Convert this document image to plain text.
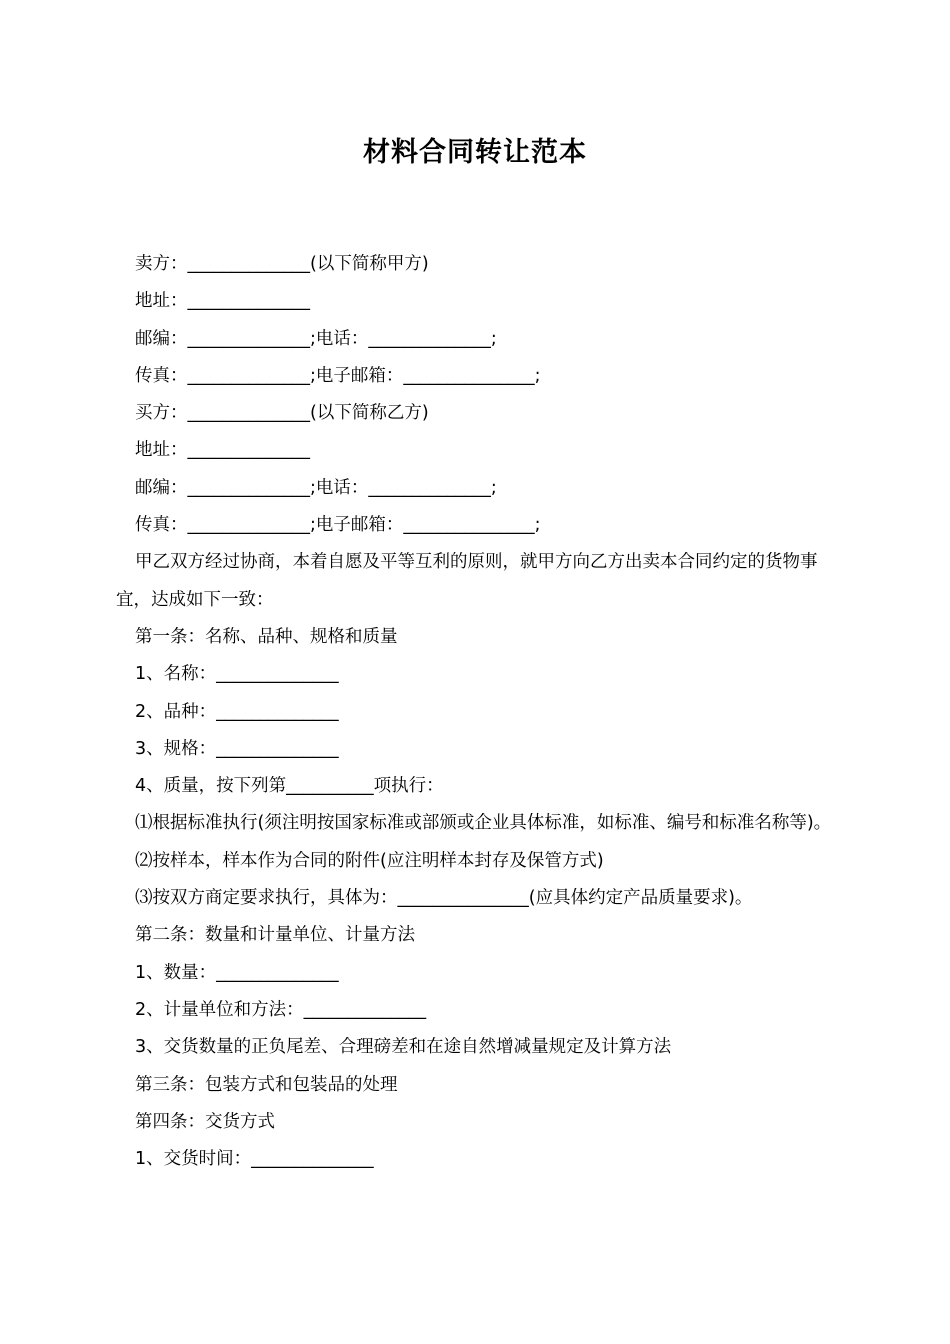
材料合同转让范本
卖方：______________(以下简称甲方)
地址：______________
邮编：______________;电话：______________;
传真：______________;电子邮箱：_______________;
买方：______________(以下简称乙方)
地址：______________
邮编：______________;电话：______________;
传真：______________;电子邮箱：_______________;
甲乙双方经过协商，本着自愿及平等互利的原则，就甲方向乙方出卖本合同约定的货物事宜，达成如下一致：
第一条：名称、品种、规格和质量
1、名称：______________
2、品种：______________
3、规格：______________
4、质量，按下列第__________项执行：
⑴根据标准执行(须注明按国家标准或部颁或企业具体标准，如标准、编号和标准名称等)。
⑵按样本，样本作为合同的附件(应注明样本封存及保管方式)
⑶按双方商定要求执行，具体为：_______________(应具体约定产品质量要求)。
第二条：数量和计量单位、计量方法
1、数量：______________
2、计量单位和方法：______________
3、交货数量的正负尾差、合理磅差和在途自然增减量规定及计算方法
第三条：包装方式和包装品的处理
第四条：交货方式
1、交货时间：______________
